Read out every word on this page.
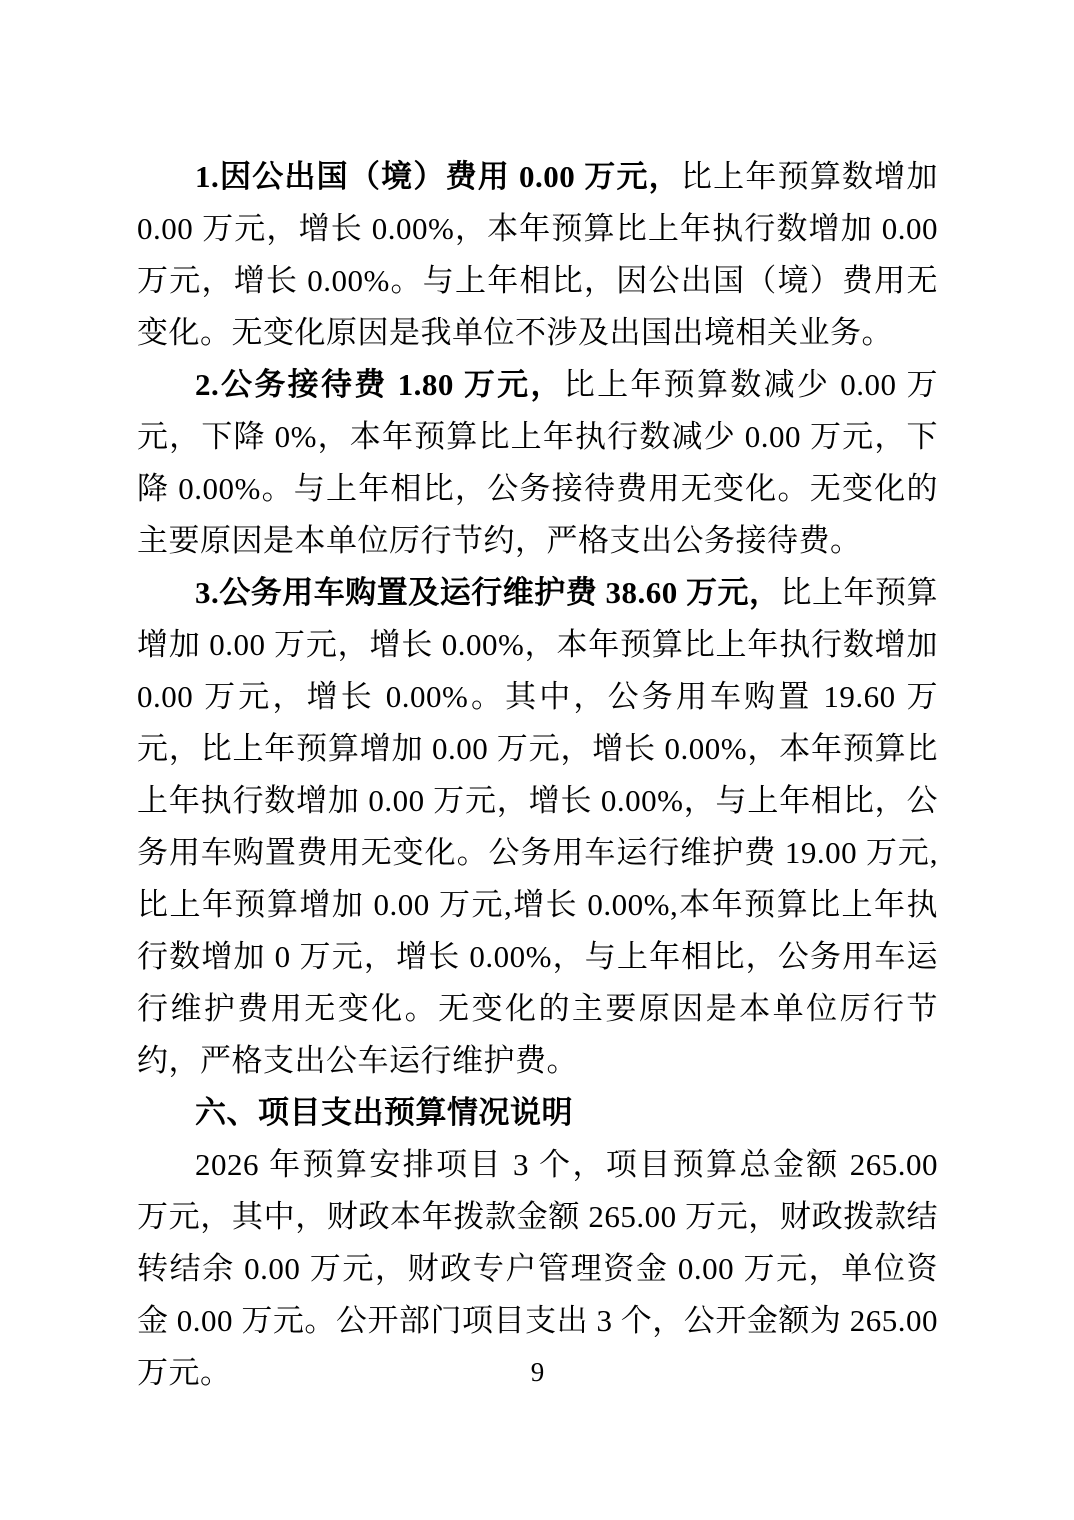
1.因公出国（境）费用 0.00 万元，比上年预算数增加 0.00 万元，增长 0.00%，本年预算比上年执行数增加 0.00 万元，增长 0.00%。与上年相比，因公出国（境）费用无变化。无变化原因是我单位不涉及出国出境相关业务。

2.公务接待费 1.80 万元，比上年预算数减少 0.00 万元，下降 0%，本年预算比上年执行数减少 0.00 万元，下降 0.00%。与上年相比，公务接待费用无变化。无变化的主要原因是本单位厉行节约，严格支出公务接待费。

3.公务用车购置及运行维护费 38.60 万元，比上年预算增加 0.00 万元，增长 0.00%，本年预算比上年执行数增加 0.00 万元，增长 0.00%。其中，公务用车购置 19.60 万元，比上年预算增加 0.00 万元，增长 0.00%，本年预算比上年执行数增加 0.00 万元，增长 0.00%，与上年相比，公务用车购置费用无变化。公务用车运行维护费 19.00 万元,比上年预算增加 0.00 万元,增长 0.00%,本年预算比上年执行数增加 0 万元，增长 0.00%，与上年相比，公务用车运行维护费用无变化。无变化的主要原因是本单位厉行节约，严格支出公车运行维护费。

六、项目支出预算情况说明

2026 年预算安排项目 3 个，项目预算总金额 265.00 万元，其中，财政本年拨款金额 265.00 万元，财政拨款结转结余 0.00 万元，财政专户管理资金 0.00 万元，单位资金 0.00 万元。公开部门项目支出 3 个，公开金额为 265.00 万元。	9
